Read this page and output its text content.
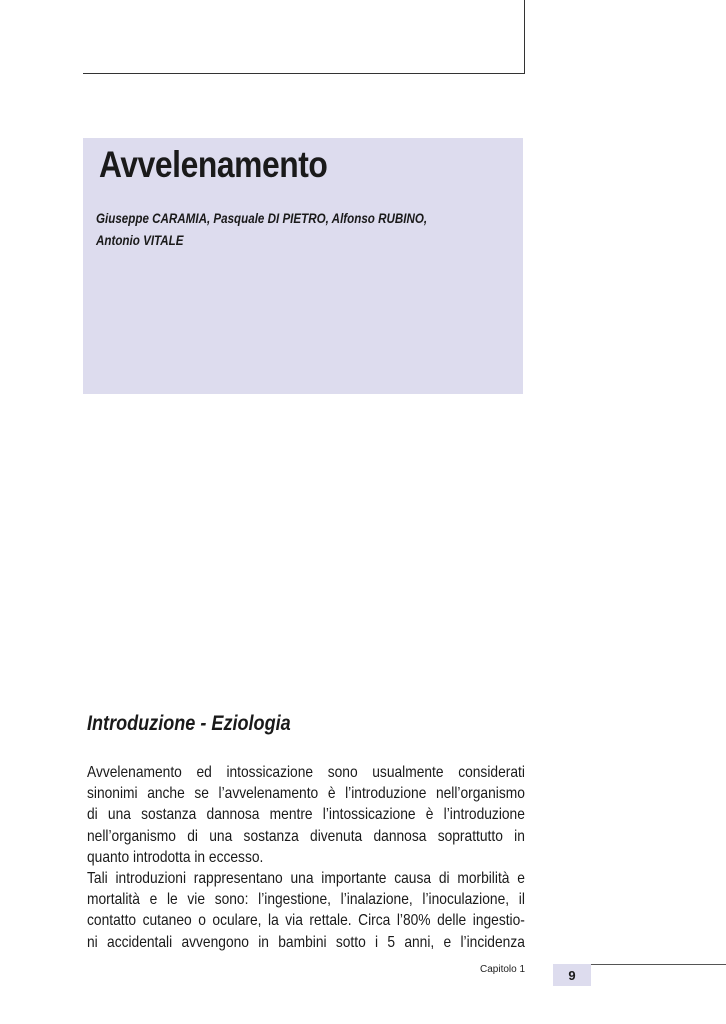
Avvelenamento

Giuseppe CARAMIA, Pasquale DI PIETRO, Alfonso RUBINO,
Antonio VITALE

Introduzione - Eziologia
Avvelenamento ed intossicazione sono usualmente considerati
sinonimi anche se l’avvelenamento è l’introduzione nell’organismo
di una sostanza dannosa mentre l’intossicazione è l’introduzione
nell’organismo di una sostanza divenuta dannosa soprattutto in
quanto introdotta in eccesso.
Tali introduzioni rappresentano una importante causa di morbilità e
mortalità e le vie sono: l’ingestione, l’inalazione, l’inoculazione, il
contatto cutaneo o oculare, la via rettale. Circa l’80% delle ingestio-
ni accidentali avvengono in bambini sotto i 5 anni, e l’incidenza
Capitolo 1	9
